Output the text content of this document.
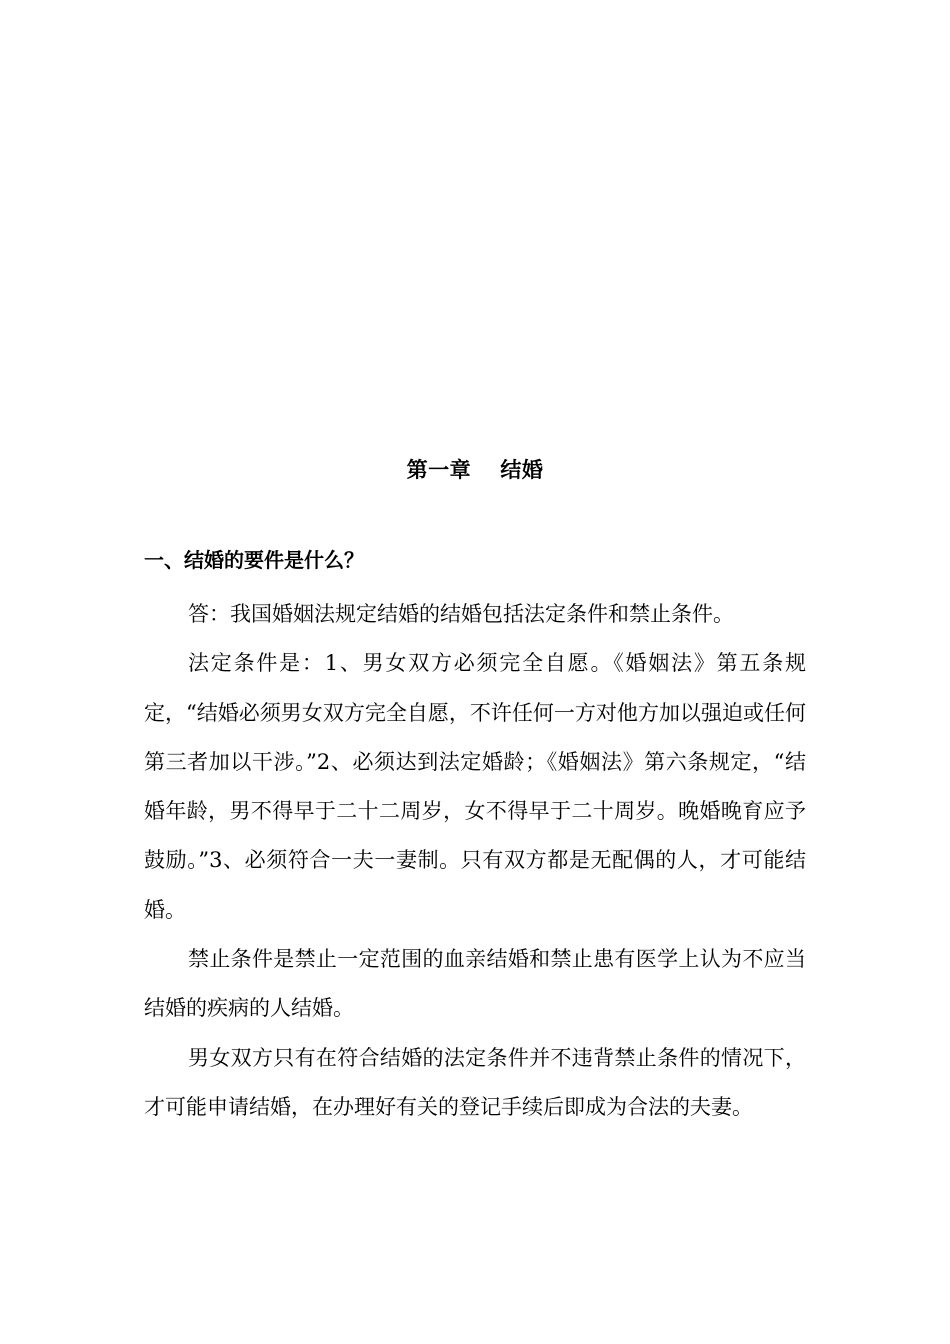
第一章　 结婚
一、结婚的要件是什么？

答：我国婚姻法规定结婚的结婚包括法定条件和禁止条件。

法定条件是：1、男女双方必须完全自愿。《婚姻法》第五条规定，“结婚必须男女双方完全自愿，不许任何一方对他方加以强迫或任何第三者加以干涉。”2、必须达到法定婚龄；《婚姻法》第六条规定，“结婚年龄，男不得早于二十二周岁，女不得早于二十周岁。晚婚晚育应予鼓励。”3、必须符合一夫一妻制。只有双方都是无配偶的人，才可能结婚。

禁止条件是禁止一定范围的血亲结婚和禁止患有医学上认为不应当结婚的疾病的人结婚。

男女双方只有在符合结婚的法定条件并不违背禁止条件的情况下，才可能申请结婚，在办理好有关的登记手续后即成为合法的夫妻。
